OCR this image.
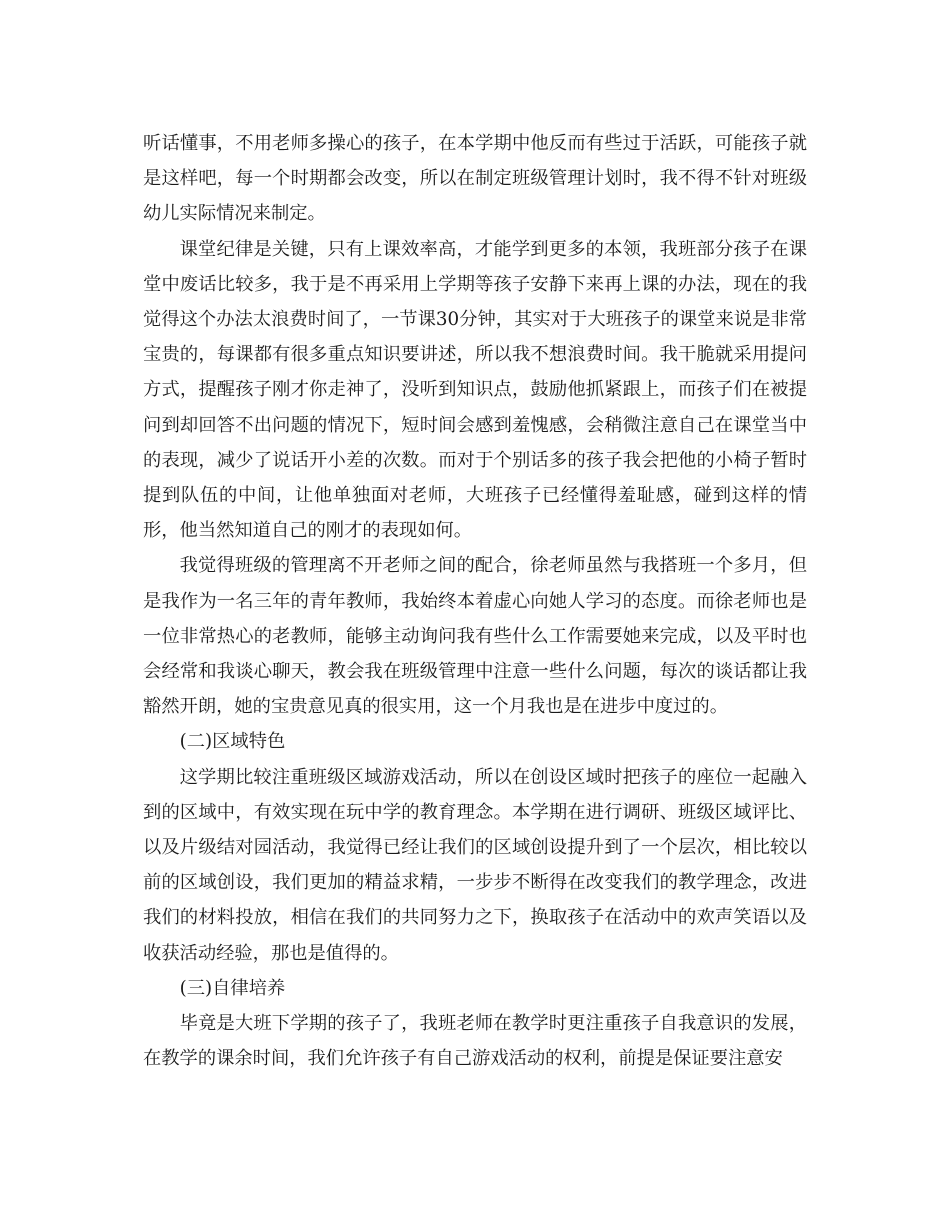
听话懂事，不用老师多操心的孩子，在本学期中他反而有些过于活跃，可能孩子就是这样吧，每一个时期都会改变，所以在制定班级管理计划时，我不得不针对班级幼儿实际情况来制定。

课堂纪律是关键，只有上课效率高，才能学到更多的本领，我班部分孩子在课堂中废话比较多，我于是不再采用上学期等孩子安静下来再上课的办法，现在的我觉得这个办法太浪费时间了，一节课30分钟，其实对于大班孩子的课堂来说是非常宝贵的，每课都有很多重点知识要讲述，所以我不想浪费时间。我干脆就采用提问方式，提醒孩子刚才你走神了，没听到知识点，鼓励他抓紧跟上，而孩子们在被提问到却回答不出问题的情况下，短时间会感到羞愧感，会稍微注意自己在课堂当中的表现，减少了说话开小差的次数。而对于个别话多的孩子我会把他的小椅子暂时提到队伍的中间，让他单独面对老师，大班孩子已经懂得羞耻感，碰到这样的情形，他当然知道自己的刚才的表现如何。

我觉得班级的管理离不开老师之间的配合，徐老师虽然与我搭班一个多月，但是我作为一名三年的青年教师，我始终本着虚心向她人学习的态度。而徐老师也是一位非常热心的老教师，能够主动询问我有些什么工作需要她来完成，以及平时也会经常和我谈心聊天，教会我在班级管理中注意一些什么问题，每次的谈话都让我豁然开朗，她的宝贵意见真的很实用，这一个月我也是在进步中度过的。

(二)区域特色

这学期比较注重班级区域游戏活动，所以在创设区域时把孩子的座位一起融入到的区域中，有效实现在玩中学的教育理念。本学期在进行调研、班级区域评比、以及片级结对园活动，我觉得已经让我们的区域创设提升到了一个层次，相比较以前的区域创设，我们更加的精益求精，一步步不断得在改变我们的教学理念，改进我们的材料投放，相信在我们的共同努力之下，换取孩子在活动中的欢声笑语以及收获活动经验，那也是值得的。

(三)自律培养

毕竟是大班下学期的孩子了，我班老师在教学时更注重孩子自我意识的发展，在教学的课余时间，我们允许孩子有自己游戏活动的权利，前提是保证要注意安
